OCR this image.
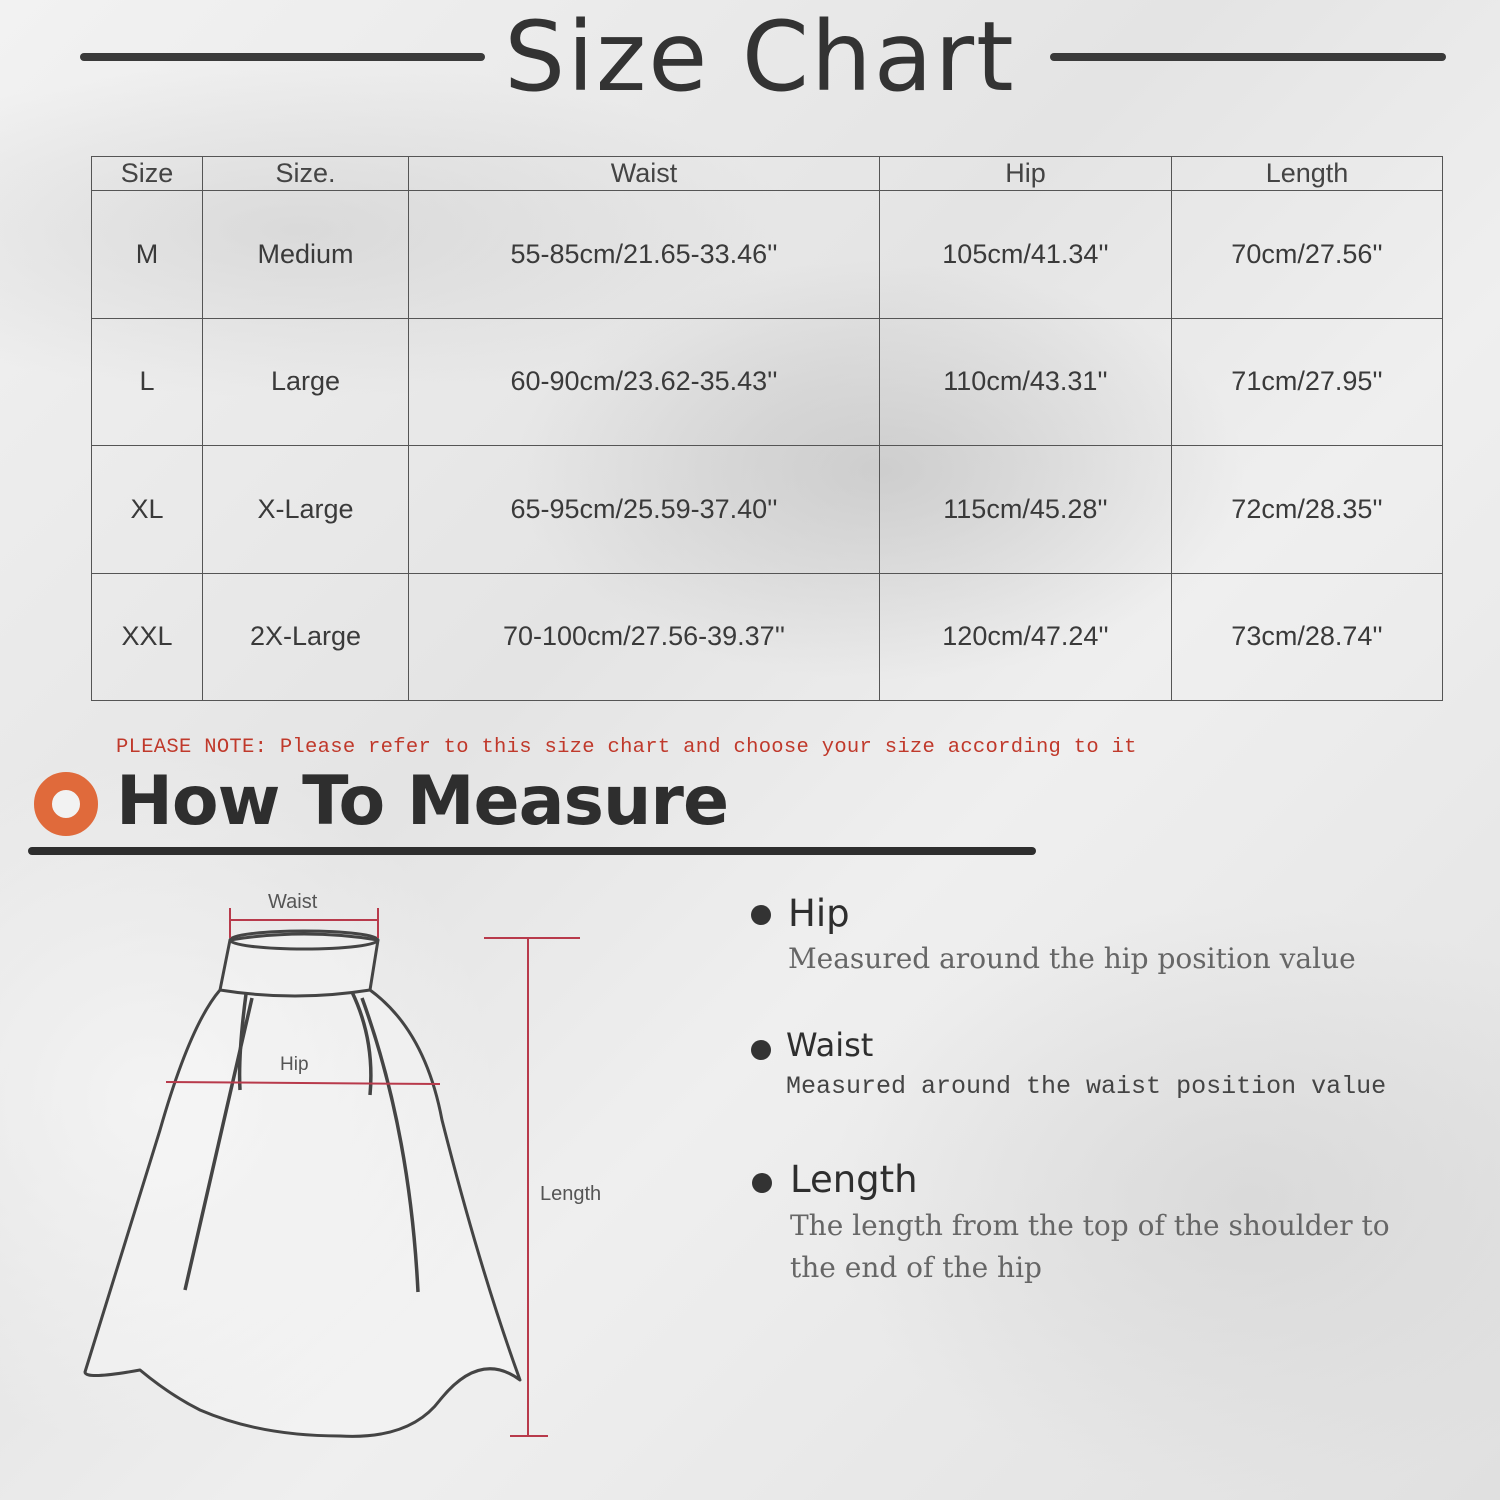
Size Chart
Size	Size.	Waist	Hip	Length
M	Medium	55-85cm/21.65-33.46''	105cm/41.34''	70cm/27.56''
L	Large	60-90cm/23.62-35.43''	110cm/43.31''	71cm/27.95''
XL	X-Large	65-95cm/25.59-37.40''	115cm/45.28''	72cm/28.35''
XXL	2X-Large	70-100cm/27.56-39.37''	120cm/47.24''	73cm/28.74''
PLEASE NOTE: Please refer to this size chart and choose your size according to it
How To Measure
Waist
Hip
Length
Hip
Measured around the hip position value
Waist
Measured around the waist position value
Length
The length from the top of the shoulder to
the end of the hip
